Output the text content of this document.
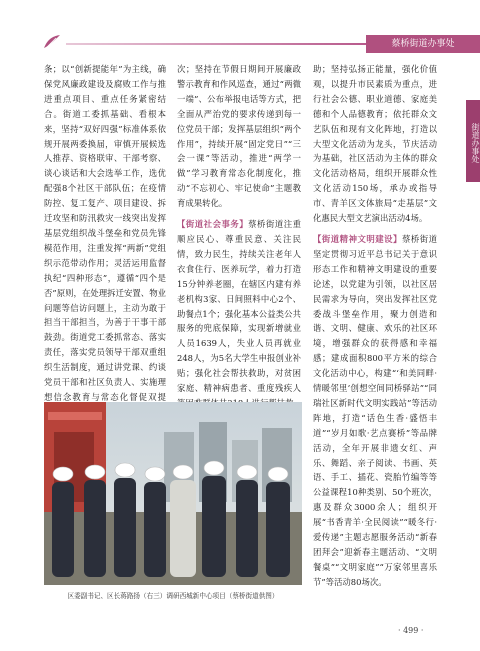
蔡桥街道办事处
街道办事处

条；以“创新提能年”为主线，确保党风廉政建设及腐败工作与推进重点项目、重点任务紧密结合。街道工委抓基础、看根本来，坚持“双好四强”标准体系依规开展两委换届，审慎开展候选人推荐、资格联审、干部考察、谈心谈话和大会选举工作，选优配强8个社区干部队伍；在疫情防控、复工复产、项目建设、拆迁攻坚和防汛救灾一线突出发挥基层党组织战斗堡垒和党员先锋模范作用，注重发挥“两新”党组织示范带动作用；灵活运用监督执纪“四种形态”，遵循“四个是否”原则，在处理拆迁安置、物业问题等信访问题上，主动为敢于担当干部担当，为善于干事干部鼓劲。街道党工委抓常态、落实责任，落实党员领导干部双重组织生活制度，通过讲党课、约谈党员干部和社区负责人、实施理想信念教育与常态化督促双提

次；坚持在节假日期间开展廉政警示教育和作风巡查，通过“两微一端”、公布举报电话等方式，把全面从严治党的要求传递到每一位党员干部；发挥基层组织“两个作用”，持续开展“固定党日”“三会一课”等活动，推进“两学一做”学习教育常态化制度化，推动“不忘初心、牢记使命”主题教育成果转化。

【街道社会事务】蔡桥街道注重顺应民心、尊重民意、关注民情，致力民生，持续关注老年人衣食住行、医养玩学，着力打造15分钟养老圈，在辖区内建有养老机构3家、日间照料中心2个、助餐点1个；强化基本公益类公共服务的兜底保障，实现新增就业人员1639人，失业人员再就业248人，为5名大学生申报创业补贴；强化社会帮扶救助，对贫困家庭、精神病患者、重度残疾人

助；坚持弘扬正能量，强化价值观，以提升市民素质为重点，进行社会公德、职业道德、家庭美德和个人品德教育；依托群众文艺队伍和现有文化阵地，打造以大型文化活动为龙头，节庆活动为基础，社区活动为主体的群众文化活动格局，组织开展群众性文化活动150场，承办或指导市、青羊区文体旅局“走基层”文化惠民大型文艺演出活动4场。

【街道精神文明建设】蔡桥街道坚定贯彻习近平总书记关于意识形态工作和精神文明建设的重要论述，以党建为引领，以社区居民需求为导向，突出发挥社区党委战斗堡垒作用，聚力创造和谐、文明、健康、欢乐的社区环境，增强群众的获得感和幸福感；建成面积800平方米的综合文化活动中心，构建“‘和美同畔·情暖邻里’创想空间同桥驿站”“同瑞社区新时代文明实践站”等活动阵地，打造“话色生香·盛悟丰道”“岁月如歌·艺点赛桥”等品牌活动，全年开展非遗女红、声乐、舞蹈、亲子阅读、书画、英语、手工、插花、瓷胎竹编等等公益课程10种类别、50个班次，惠及群众3000余人；组织开展“书香青羊·全民阅读”“暖冬行·爱传递”主题志愿服务活动“新春团拜会”迎新春主题活动、“文明餐桌”“文明家庭”“万家邻里喜乐节”等活动80场次。

区委副书记、区长蒋路扬（右三）调研西城新中心项目（蔡桥街道供图）
· 499 ·
